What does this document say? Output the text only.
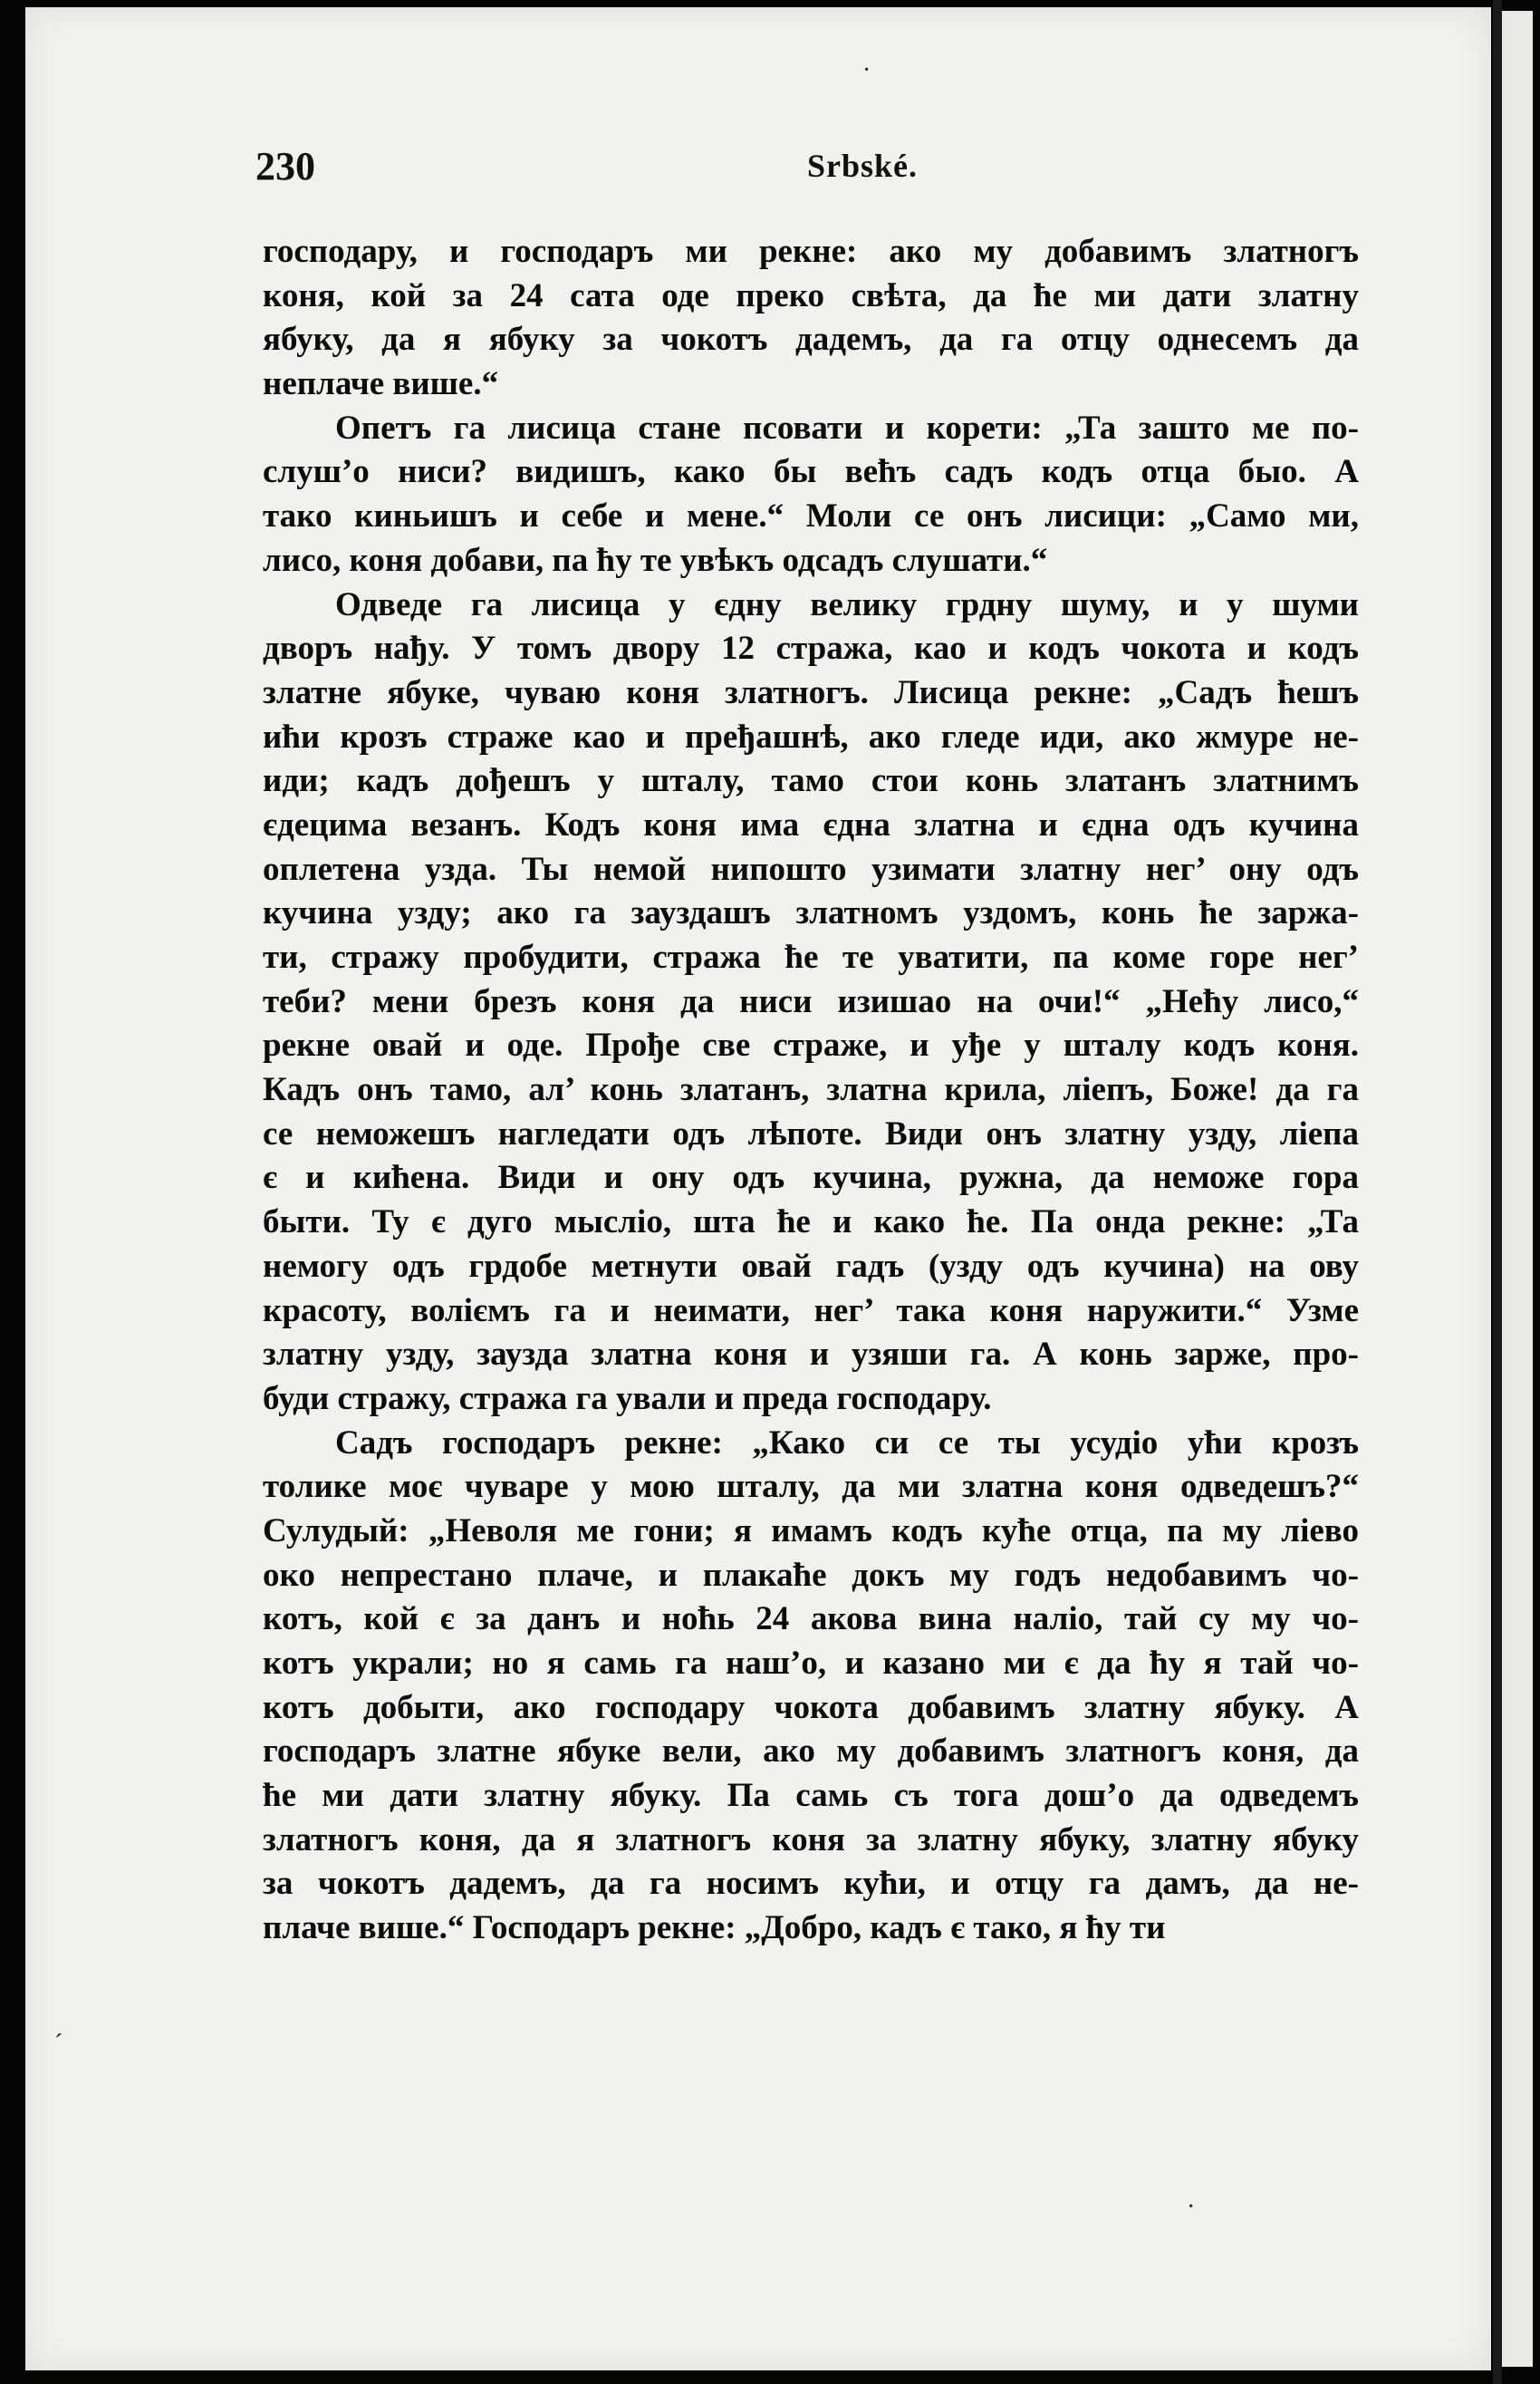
230	Srbské.
господару, и господаръ ми рекне: ако му добавимъ златногъ
коня, кой за 24 сата оде преко свѣта, да ће ми дати златну
ябуку, да я ябуку за чокотъ дадемъ, да га отцу однесемъ да
неплаче више.“
Опетъ га лисица стане псовати и корети: „Та зашто ме по-
слуш’о ниси? видишъ, како бы већъ садъ кодъ отца быо. А
тако киньишъ и себе и мене.“ Моли се онъ лисици: „Само ми,
лисо, коня добави, па ћу те увѣкъ одсадъ слушати.“
Одведе га лисица у єдну велику грдну шуму, и у шуми
дворъ нађу. У томъ двору 12 стража, као и кодъ чокота и кодъ
златне ябуке, чуваю коня златногъ. Лисица рекне: „Садъ ћешъ
ићи крозъ страже као и пређашнѣ, ако гледе иди, ако жмуре не-
иди; кадъ дођешъ у шталу, тамо стои конь златанъ златнимъ
єдецима везанъ. Кодъ коня има єдна златна и єдна одъ кучина
оплетена узда. Ты немой нипошто узимати златну нег’ ону одъ
кучина узду; ако га зауздашъ златномъ уздомъ, конь ће заржа-
ти, стражу пробудити, стража ће те уватити, па коме горе нег’
теби? мени брезъ коня да ниси изишао на очи!“ „Нећу лисо,“
рекне овай и оде. Прође све страже, и уђе у шталу кодъ коня.
Кадъ онъ тамо, ал’ конь златанъ, златна крила, ліепъ, Боже! да га
се неможешъ нагледати одъ лѣпоте. Види онъ златну узду, ліепа
є и кићена. Види и ону одъ кучина, ружна, да неможе гора
быти. Ту є дуго мысліо, шта ће и како ће. Па онда рекне: „Та
немогу одъ грдобе метнути овай гадъ (узду одъ кучина) на ову
красоту, воліємъ га и неимати, нег’ така коня наружити.“ Узме
златну узду, заузда златна коня и узяши га. А конь зарже, про-
буди стражу, стража га ували и преда господару.
Садъ господаръ рекне: „Како си се ты усудіо ући крозъ
толике моє чуваре у мою шталу, да ми златна коня одведешъ?“
Сулудый: „Неволя ме гони; я имамъ кодъ куће отца, па му ліево
око непрестано плаче, и плакаће докъ му годъ недобавимъ чо-
котъ, кой є за данъ и ноћь 24 акова вина наліо, тай су му чо-
котъ украли; но я самь га наш’о, и казано ми є да ћу я тай чо-
котъ добыти, ако господару чокота добавимъ златну ябуку. А
господаръ златне ябуке вели, ако му добавимъ златногъ коня, да
ће ми дати златну ябуку. Па самь съ тога дош’о да одведемъ
златногъ коня, да я златногъ коня за златну ябуку, златну ябуку
за чокотъ дадемъ, да га носимъ кући, и отцу га дамъ, да не-
плаче више.“ Господаръ рекне: „Добро, кадъ є тако, я ћу ти
·
ˊ
·
